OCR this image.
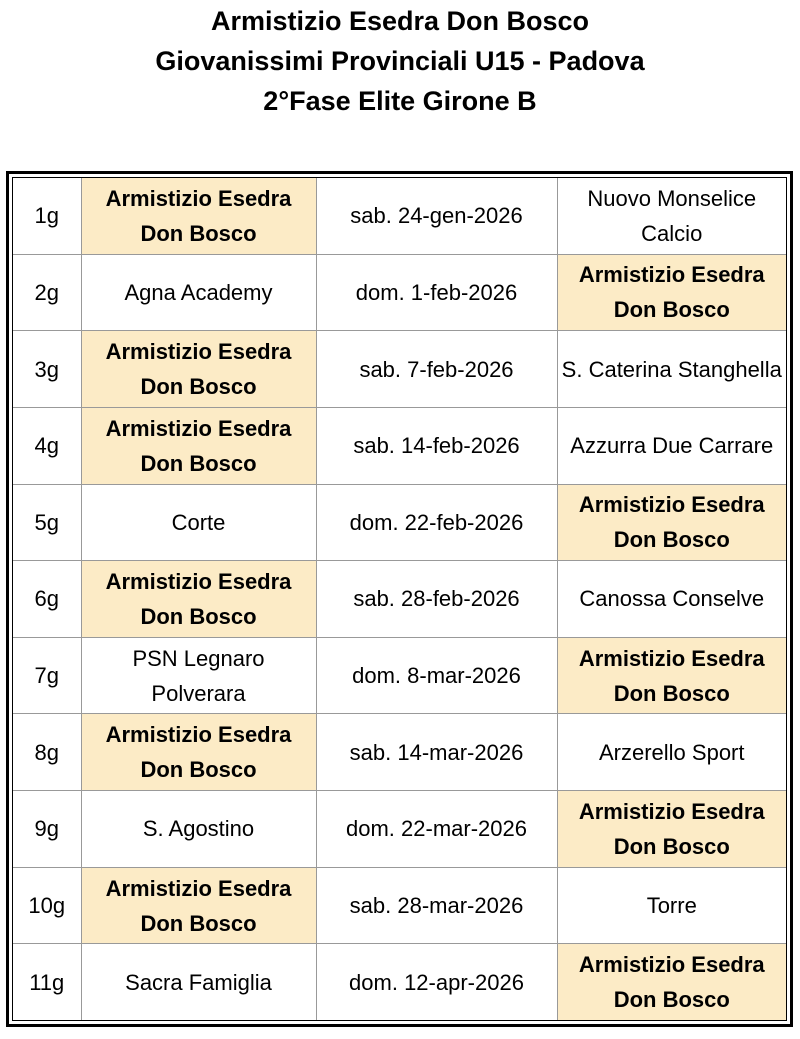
Armistizio Esedra Don Bosco
Giovanissimi Provinciali U15 - Padova
2°Fase Elite Girone B
1g	Armistizio Esedra Don Bosco	sab. 24-gen-2026	Nuovo Monselice Calcio
2g	Agna Academy	dom. 1-feb-2026	Armistizio Esedra Don Bosco
3g	Armistizio Esedra Don Bosco	sab. 7-feb-2026	S. Caterina Stanghella
4g	Armistizio Esedra Don Bosco	sab. 14-feb-2026	Azzurra Due Carrare
5g	Corte	dom. 22-feb-2026	Armistizio Esedra Don Bosco
6g	Armistizio Esedra Don Bosco	sab. 28-feb-2026	Canossa Conselve
7g	PSN Legnaro Polverara	dom. 8-mar-2026	Armistizio Esedra Don Bosco
8g	Armistizio Esedra Don Bosco	sab. 14-mar-2026	Arzerello Sport
9g	S. Agostino	dom. 22-mar-2026	Armistizio Esedra Don Bosco
10g	Armistizio Esedra Don Bosco	sab. 28-mar-2026	Torre
11g	Sacra Famiglia	dom. 12-apr-2026	Armistizio Esedra Don Bosco
